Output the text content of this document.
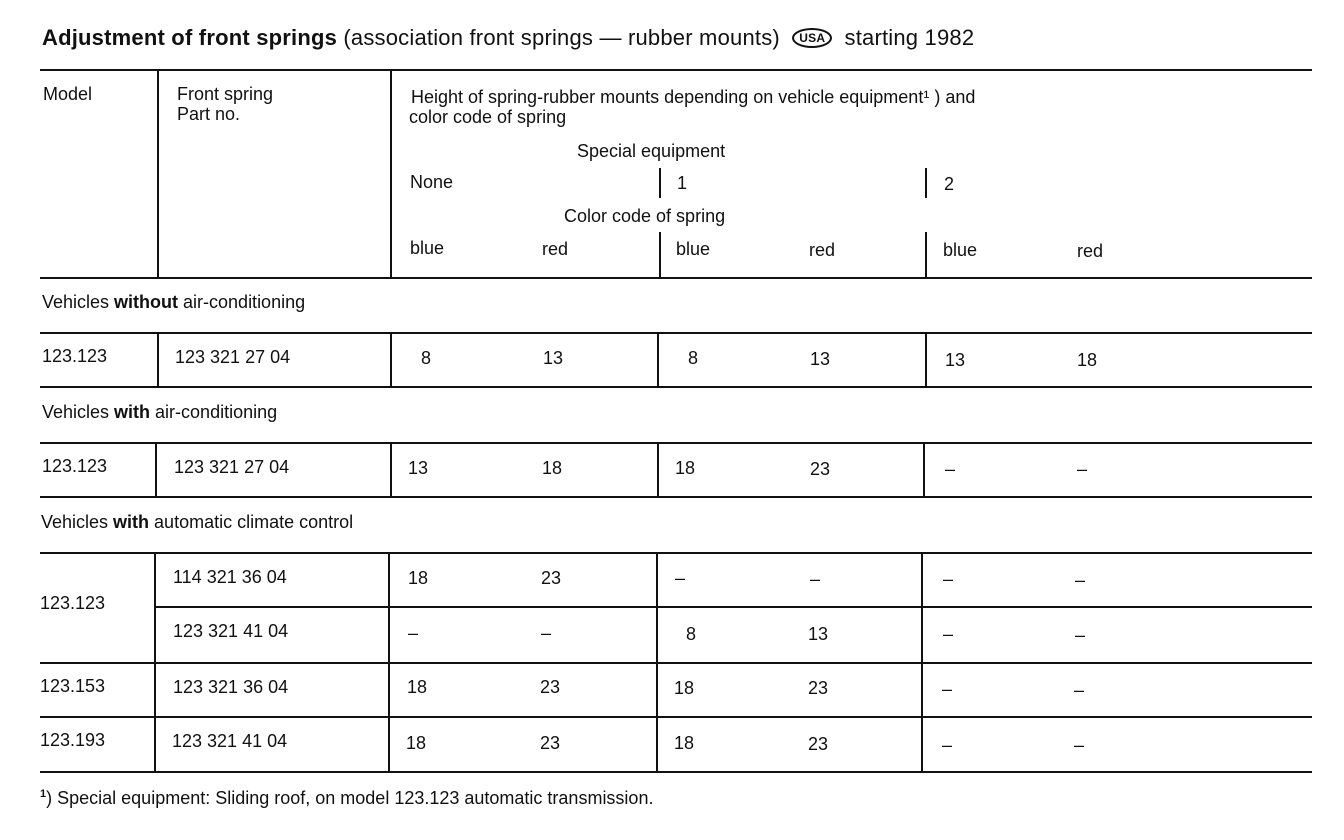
Adjustment of front springs (association front springs — rubber mounts) USA starting 1982
Model	Front spring
Part no.
Height of spring-rubber mounts depending on vehicle equipment¹ ) and
color code of spring
Special equipment
None	1	2
Color code of spring
blue	red	blue	red	blue	red
Vehicles without air-conditioning
Vehicles with air-conditioning
Vehicles with automatic climate control
123.123	123 321 27 04	8	13	8	13	13	18
123.123	123 321 27 04	13	18	18	23	–	–
123.123
114 321 36 04	18	23	–	–	–	–
123 321 41 04	–	–	8	13	–	–
123.153	123 321 36 04	18	23	18	23	–	–
123.193	123 321 41 04	18	23	18	23	–	–
$^1$) Special equipment: Sliding roof, on model 123.123 automatic transmission.
